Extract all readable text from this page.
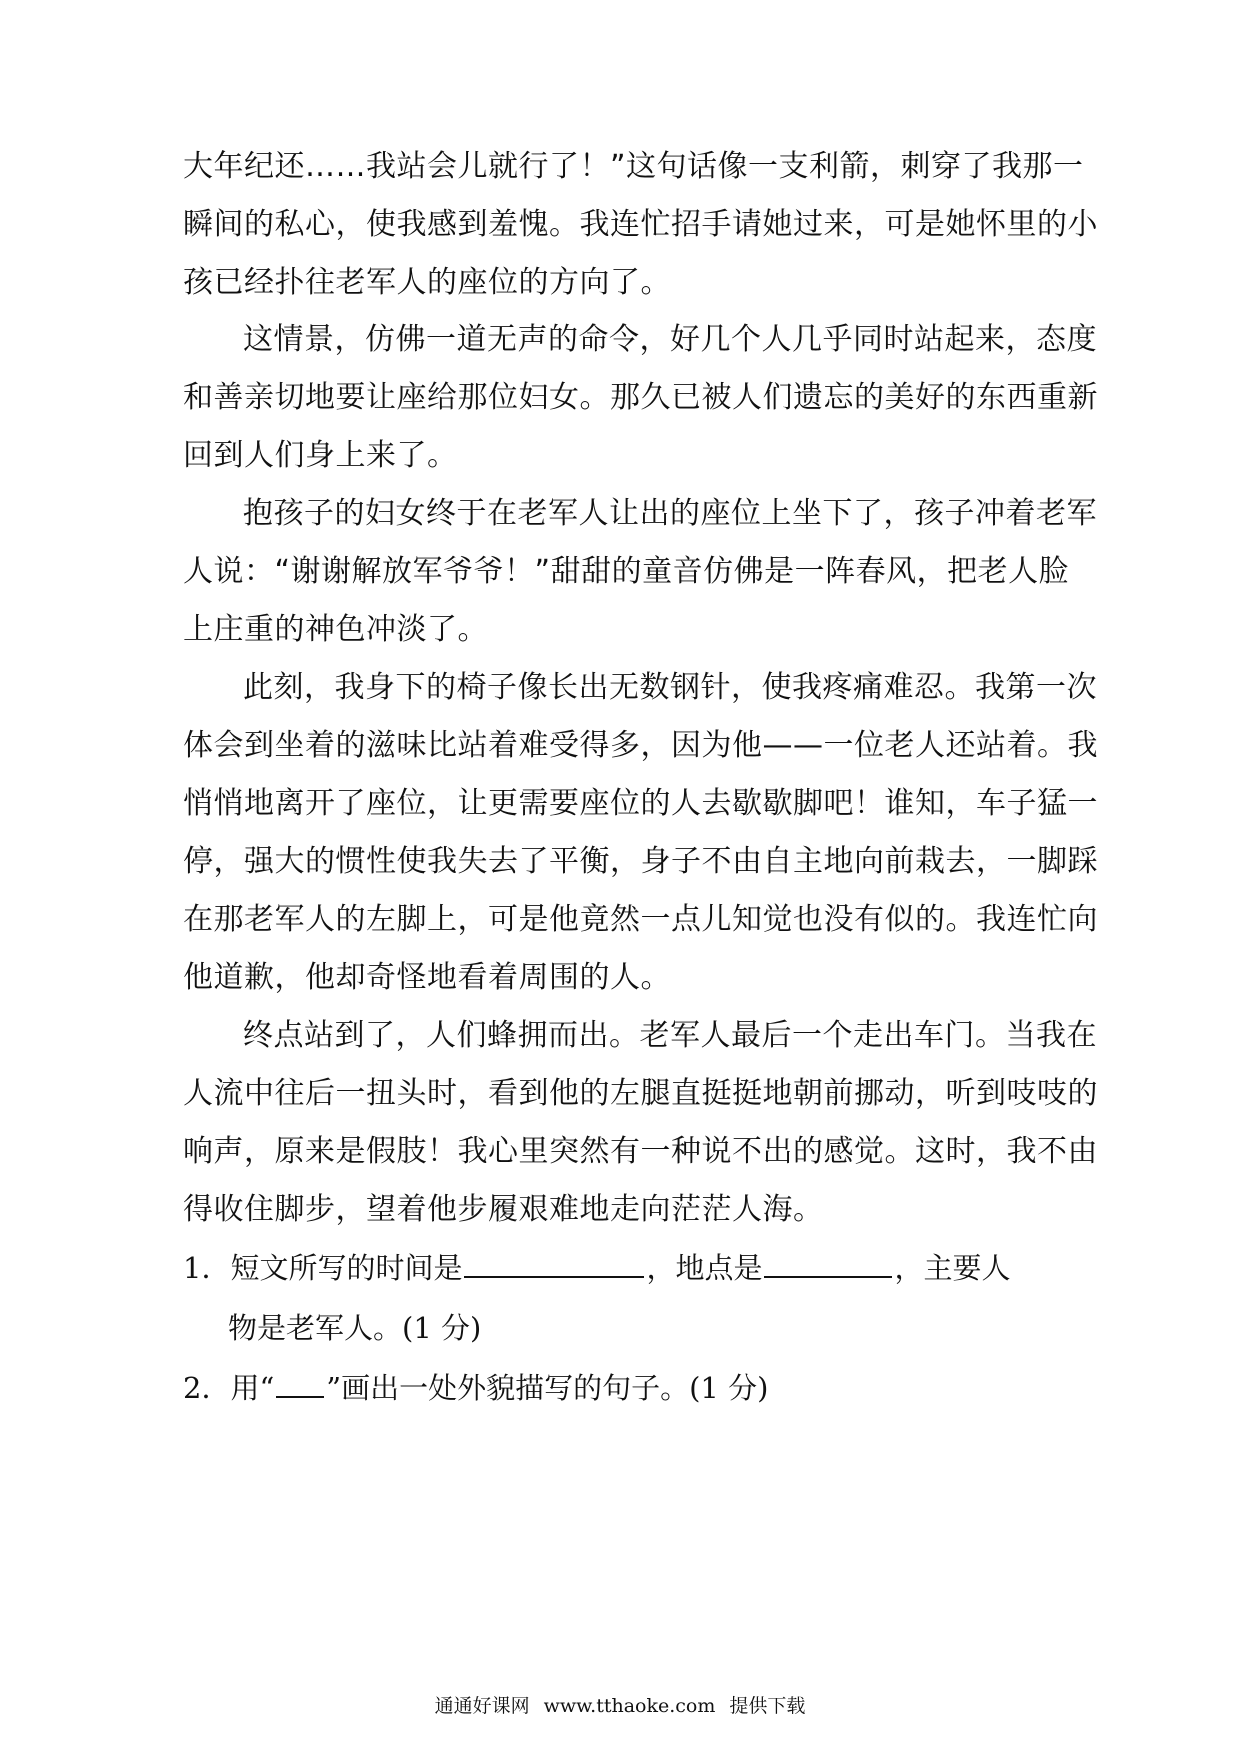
大年纪还……我站会儿就行了！”这句话像一支利箭，刺穿了我那一
瞬间的私心，使我感到羞愧。我连忙招手请她过来，可是她怀里的小
孩已经扑往老军人的座位的方向了。
这情景，仿佛一道无声的命令，好几个人几乎同时站起来，态度
和善亲切地要让座给那位妇女。那久已被人们遗忘的美好的东西重新
回到人们身上来了。
抱孩子的妇女终于在老军人让出的座位上坐下了，孩子冲着老军
人说：“谢谢解放军爷爷！”甜甜的童音仿佛是一阵春风，把老人脸
上庄重的神色冲淡了。
此刻，我身下的椅子像长出无数钢针，使我疼痛难忍。我第一次
体会到坐着的滋味比站着难受得多，因为他——一位老人还站着。我
悄悄地离开了座位，让更需要座位的人去歇歇脚吧！谁知，车子猛一
停，强大的惯性使我失去了平衡，身子不由自主地向前栽去，一脚踩
在那老军人的左脚上，可是他竟然一点儿知觉也没有似的。我连忙向
他道歉，他却奇怪地看着周围的人。
终点站到了，人们蜂拥而出。老军人最后一个走出车门。当我在
人流中往后一扭头时，看到他的左腿直挺挺地朝前挪动，听到吱吱的
响声，原来是假肢！我心里突然有一种说不出的感觉。这时，我不由
得收住脚步，望着他步履艰难地走向茫茫人海。
1．短文所写的时间是	，地点是	，主要人
物是老军人。(1 分)
2．用“ ”画出一处外貌描写的句子。(1 分)
通通好课网 www.tthaoke.com 提供下载
